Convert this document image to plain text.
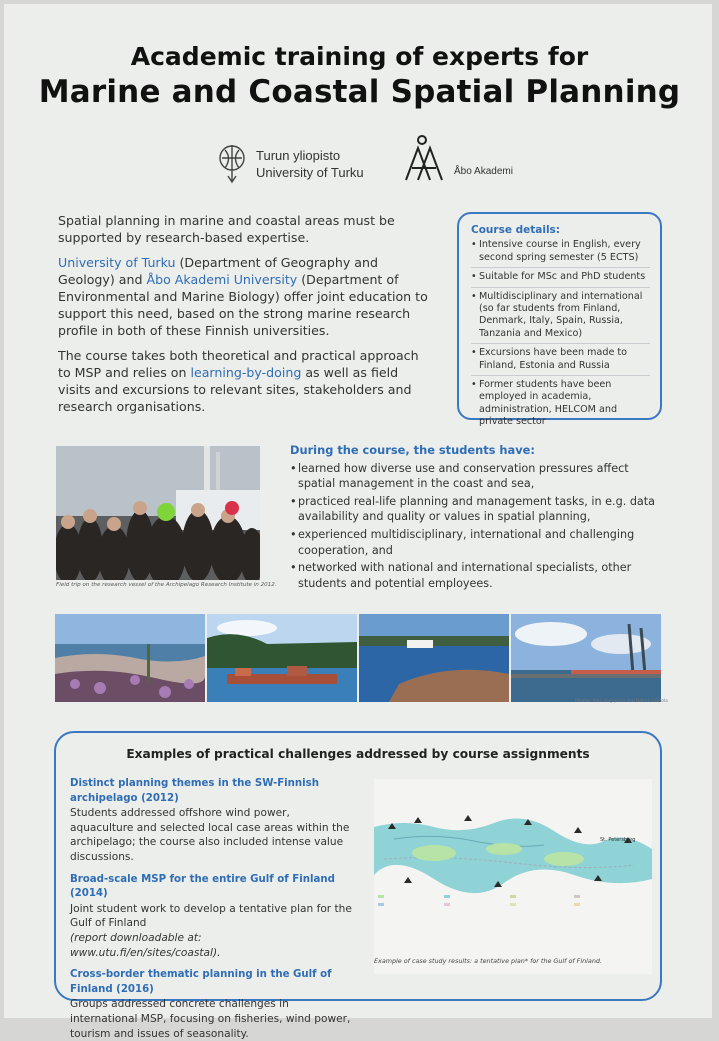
Academic training of experts for
Marine and Coastal Spatial Planning
Turun yliopisto
University of Turku	Åbo Akademi

Spatial planning in marine and coastal areas must be supported by research-based expertise.

University of Turku (Department of Geography and Geology) and Åbo Akademi University (Department of Environmental and Marine Biology) offer joint education to support this need, based on the strong marine research profile in both of these Finnish universities.

The course takes both theoretical and practical approach to MSP and relies on learning-by-doing as well as field visits and excursions to relevant sites, stakeholders and research organisations.

Course details:
• Intensive course in English, every second spring semester (5 ECTS)
• Suitable for MSc and PhD students
• Multidisciplinary and international (so far students from Finland, Denmark, Italy, Spain, Russia, Tanzania and Mexico)
• Excursions have been made to Finland, Estonia and Russia
• Former students have been employed in academia, administration, HELCOM and private sector
Field trip on the research vessel of the Archipelago Research Institute in 2012.
During the course, the students have:
• learned how diverse use and conservation pressures affect spatial management in the coast and sea,
• practiced real-life planning and management tasks, in e.g. data availability and quality or values in spatial planning,
• experienced multidisciplinary, international and challenging cooperation, and
• networked with national and international specialists, other students and potential employees.
Photos: Riku Varjopuro and Hanna Lehtola
Examples of practical challenges addressed by course assignments
Distinct planning themes in the SW-Finnish archipelago (2012)
Students addressed offshore wind power, aquaculture and selected local case areas within the archipelago; the course also included intense value discussions.
Broad-scale MSP for the entire Gulf of Finland (2014)
Joint student work to develop a tentative plan for the Gulf of Finland
(report downloadable at: www.utu.fi/en/sites/coastal).
Cross-border thematic planning in the Gulf of Finland (2016)
Groups addressed concrete challenges in international MSP, focusing on fisheries, wind power, tourism and issues of seasonality.
St. Petersburg
Example of case study results: a tentative plan* for the Gulf of Finland.
